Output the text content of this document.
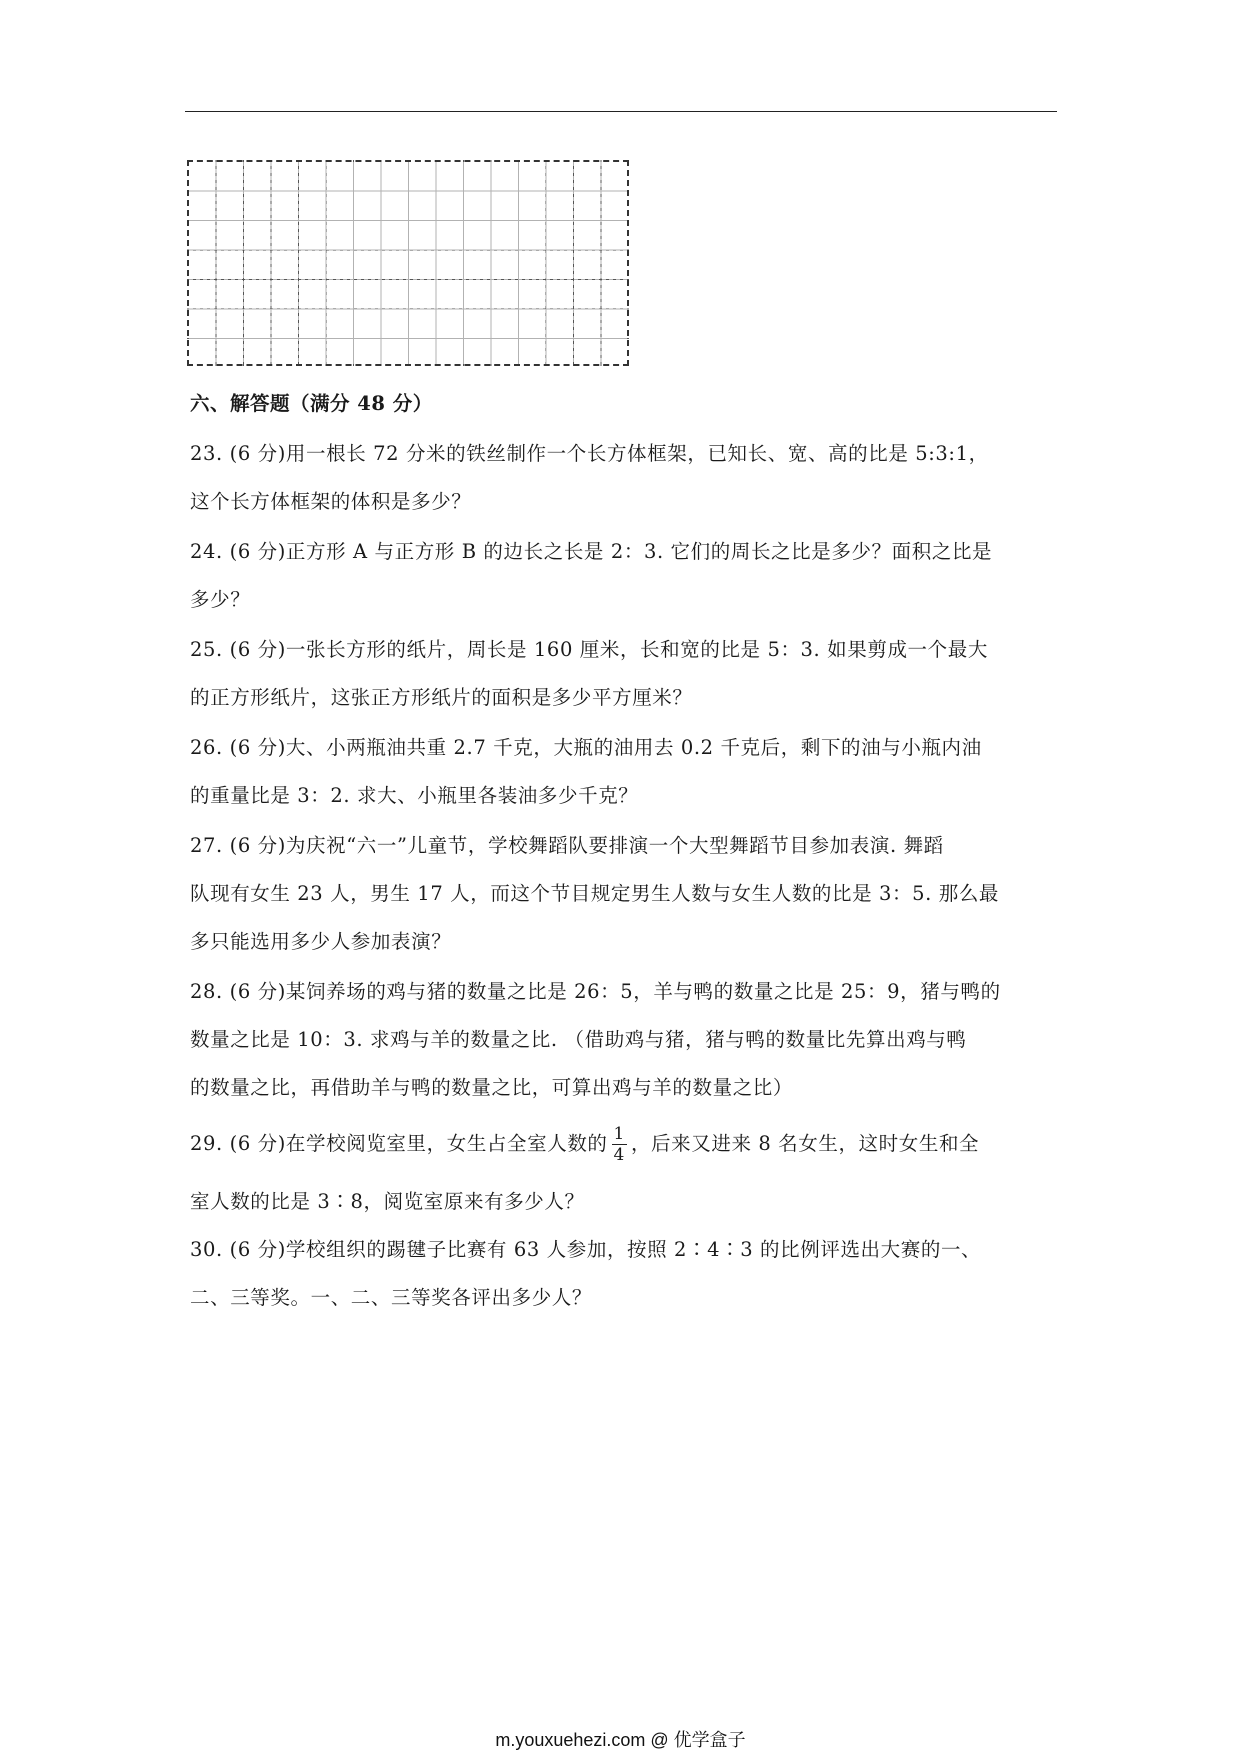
六、解答题（满分 48 分）
23. (6 分)用一根长 72 分米的铁丝制作一个长方体框架，已知长、宽、高的比是 5:3:1，
这个长方体框架的体积是多少？
24. (6 分)正方形 A 与正方形 B 的边长之长是 2：3. 它们的周长之比是多少？面积之比是
多少？
25. (6 分)一张长方形的纸片，周长是 160 厘米，长和宽的比是 5：3. 如果剪成一个最大
的正方形纸片，这张正方形纸片的面积是多少平方厘米？
26. (6 分)大、小两瓶油共重 2.7 千克，大瓶的油用去 0.2 千克后，剩下的油与小瓶内油
的重量比是 3：2. 求大、小瓶里各装油多少千克？
27. (6 分)为庆祝“六一”儿童节，学校舞蹈队要排演一个大型舞蹈节目参加表演. 舞蹈
队现有女生 23 人，男生 17 人，而这个节目规定男生人数与女生人数的比是 3：5. 那么最
多只能选用多少人参加表演？
28. (6 分)某饲养场的鸡与猪的数量之比是 26：5，羊与鸭的数量之比是 25：9，猪与鸭的
数量之比是 10：3. 求鸡与羊的数量之比. （借助鸡与猪，猪与鸭的数量比先算出鸡与鸭
的数量之比，再借助羊与鸭的数量之比，可算出鸡与羊的数量之比）
29. (6 分)在学校阅览室里，女生占全室人数的 $\frac{1}{4}$ ，后来又进来 8 名女生，这时女生和全
室人数的比是 3∶8，阅览室原来有多少人？
30. (6 分)学校组织的踢毽子比赛有 63 人参加，按照 2∶4∶3 的比例评选出大赛的一、
二、三等奖。一、二、三等奖各评出多少人？
m.youxuehezi.com @ 优学盒子
